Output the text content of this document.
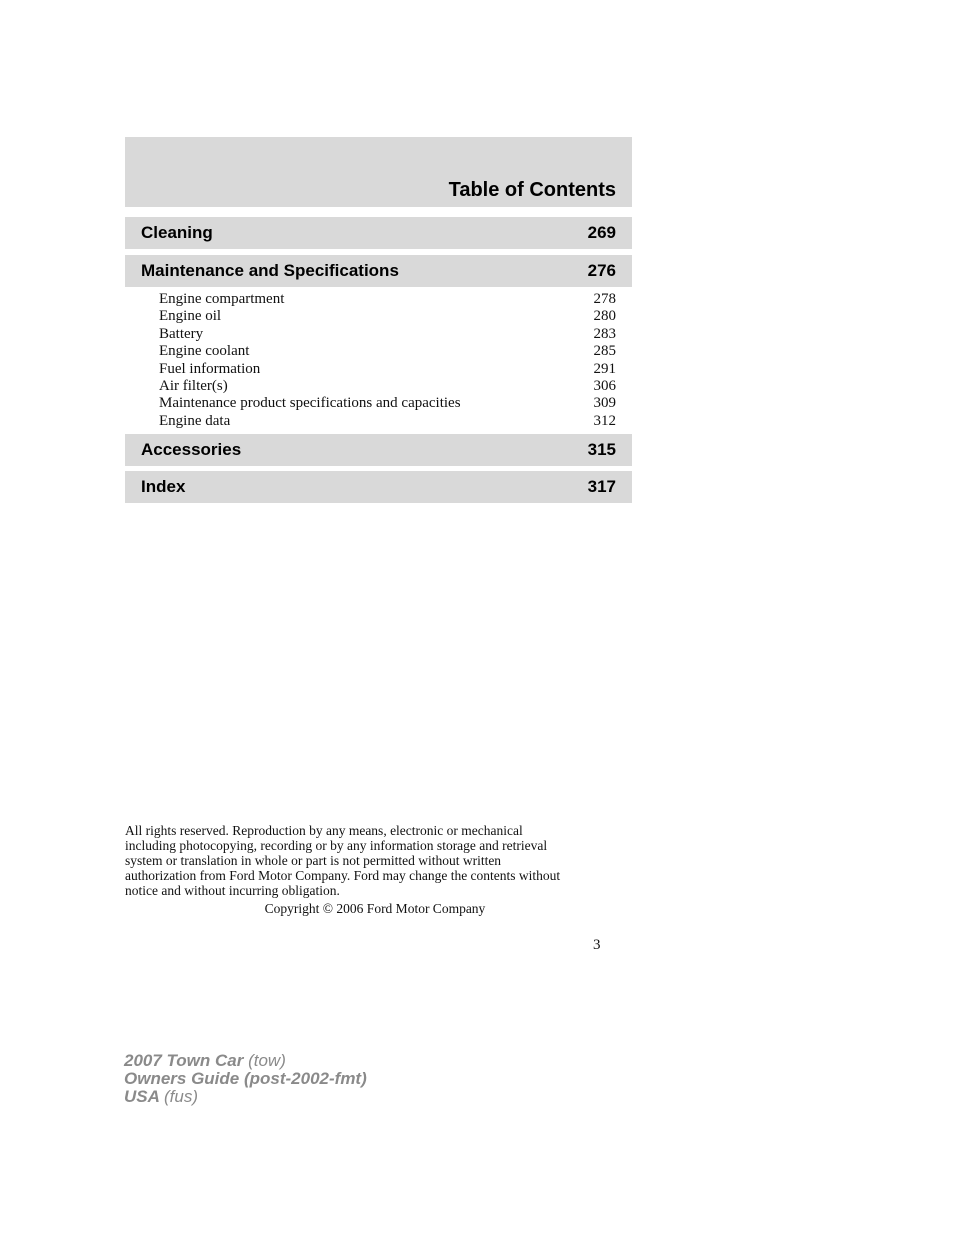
Table of Contents
Cleaning	269
Maintenance and Specifications	276
Engine compartment	278
Engine oil	280
Battery	283
Engine coolant	285
Fuel information	291
Air filter(s)	306
Maintenance product specifications and capacities	309
Engine data	312
Accessories	315
Index	317
All rights reserved. Reproduction by any means, electronic or mechanical
including photocopying, recording or by any information storage and retrieval
system or translation in whole or part is not permitted without written
authorization from Ford Motor Company. Ford may change the contents without
notice and without incurring obligation.
Copyright © 2006 Ford Motor Company
3
2007 Town Car (tow)
Owners Guide (post-2002-fmt)
USA (fus)
